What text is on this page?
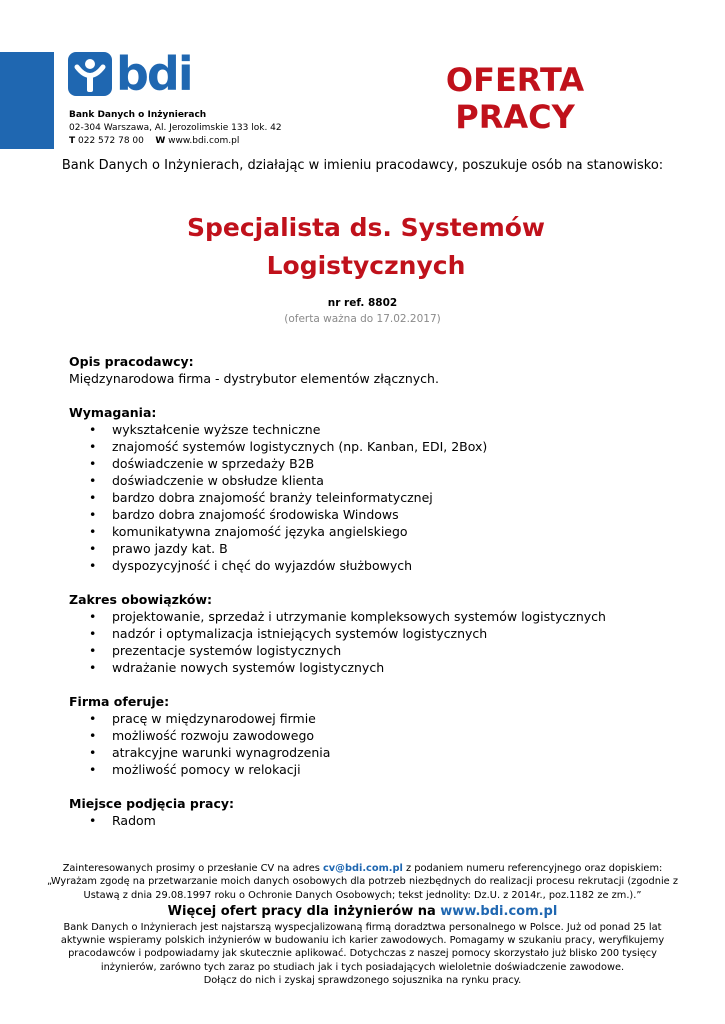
bdi
Bank Danych o Inżynierach
02-304 Warszawa, Al. Jerozolimskie 133 lok. 42
T 022 572 78 00 W www.bdi.com.pl
OFERTA
PRACY
Bank Danych o Inżynierach, działając w imieniu pracodawcy, poszukuje osób na stanowisko:
Specjalista ds. Systemów
Logistycznych
nr ref. 8802
(oferta ważna do 17.02.2017)
Opis pracodawcy:

Międzynarodowa firma - dystrybutor elementów złącznych.

Wymagania:
• wykształcenie wyższe techniczne
• znajomość systemów logistycznych (np. Kanban, EDI, 2Box)
• doświadczenie w sprzedaży B2B
• doświadczenie w obsłudze klienta
• bardzo dobra znajomość branży teleinformatycznej
• bardzo dobra znajomość środowiska Windows
• komunikatywna znajomość języka angielskiego
• prawo jazdy kat. B
• dyspozycyjność i chęć do wyjazdów służbowych
Zakres obowiązków:
• projektowanie, sprzedaż i utrzymanie kompleksowych systemów logistycznych
• nadzór i optymalizacja istniejących systemów logistycznych
• prezentacje systemów logistycznych
• wdrażanie nowych systemów logistycznych
Firma oferuje:
• pracę w międzynarodowej firmie
• możliwość rozwoju zawodowego
• atrakcyjne warunki wynagrodzenia
• możliwość pomocy w relokacji
Miejsce podjęcia pracy:
• Radom
Zainteresowanych prosimy o przesłanie CV na adres cv@bdi.com.pl z podaniem numeru referencyjnego oraz dopiskiem:
„Wyrażam zgodę na przetwarzanie moich danych osobowych dla potrzeb niezbędnych do realizacji procesu rekrutacji (zgodnie z Ustawą z dnia 29.08.1997 roku o Ochronie Danych Osobowych; tekst jednolity: Dz.U. z 2014r., poz.1182 ze zm.).”
Więcej ofert pracy dla inżynierów na www.bdi.com.pl
Bank Danych o Inżynierach jest najstarszą wyspecjalizowaną firmą doradztwa personalnego w Polsce. Już od ponad 25 lat aktywnie wspieramy polskich inżynierów w budowaniu ich karier zawodowych. Pomagamy w szukaniu pracy, weryfikujemy pracodawców i podpowiadamy jak skutecznie aplikować. Dotychczas z naszej pomocy skorzystało już blisko 200 tysięcy inżynierów, zarówno tych zaraz po studiach jak i tych posiadających wieloletnie doświadczenie zawodowe.
Dołącz do nich i zyskaj sprawdzonego sojusznika na rynku pracy.
